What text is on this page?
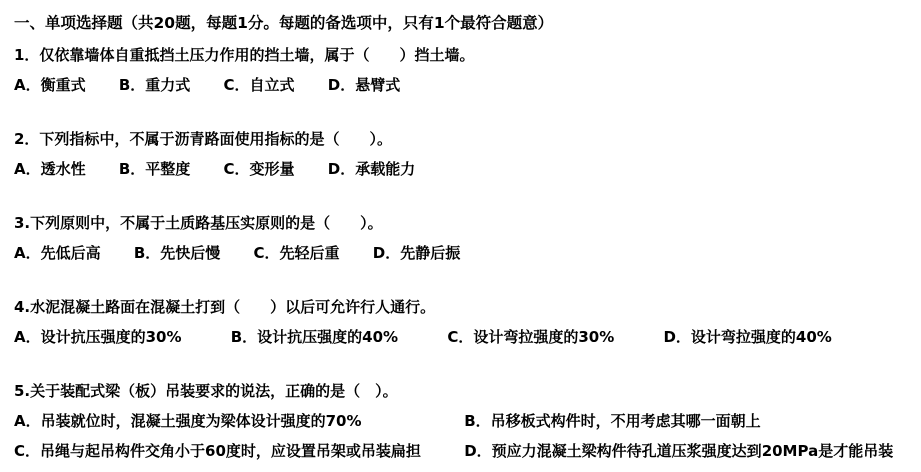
一、单项选择题（共20题，每题1分。每题的备选项中，只有1个最符合题意）
1．仅依靠墙体自重抵挡土压力作用的挡土墙，属于（　　）挡土墙。
A．衡重式 B．重力式 C．自立式 D．悬臂式
2．下列指标中，不属于沥青路面使用指标的是（　　）。
A．透水性 B．平整度 C．变形量 D．承载能力
3.下列原则中，不属于土质路基压实原则的是（　　）。
A．先低后高 B．先快后慢 C．先轻后重 D．先静后振
4.水泥混凝土路面在混凝土打到（　　）以后可允许行人通行。
A．设计抗压强度的30%	B．设计抗压强度的40%	C．设计弯拉强度的30%	D．设计弯拉强度的40%
5.关于装配式梁（板）吊装要求的说法，正确的是（　）。
A．吊装就位时，混凝土强度为梁体设计强度的70%	B．吊移板式构件时，不用考虑其哪一面朝上
C．吊绳与起吊构件交角小于60度时，应设置吊架或吊装扁担	D．预应力混凝土梁构件待孔道压浆强度达到20MPa是才能吊装
